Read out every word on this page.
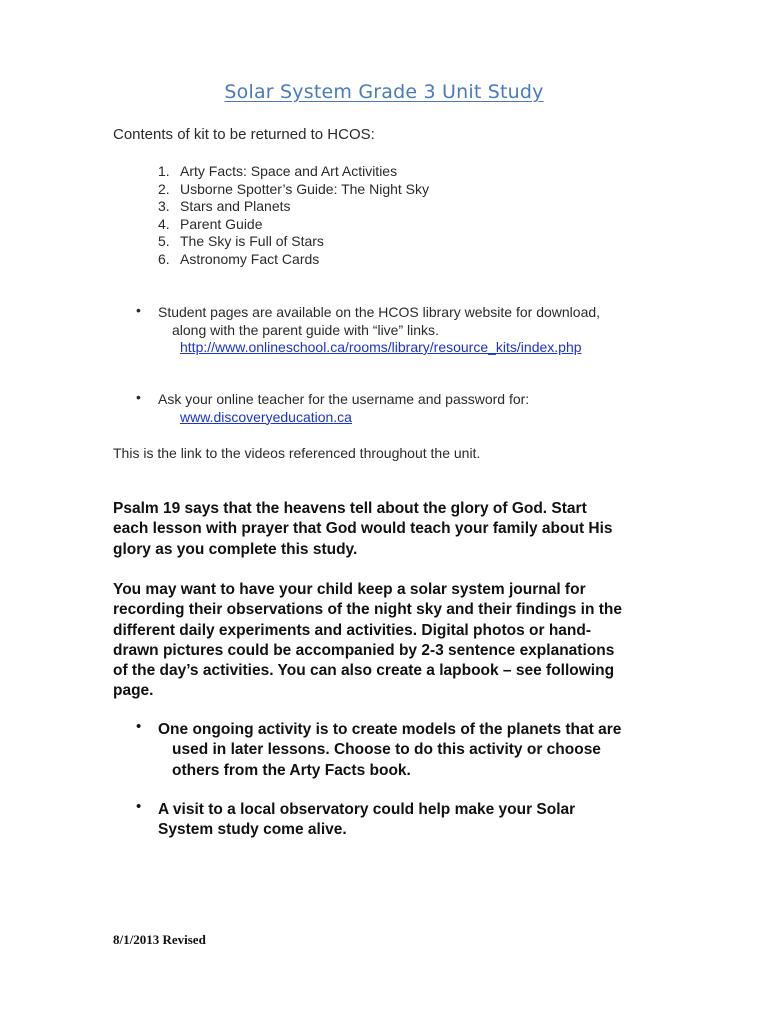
Solar System Grade 3 Unit Study
Contents of kit to be returned to HCOS:
1. Arty Facts: Space and Art Activities
2. Usborne Spotter’s Guide: The Night Sky
3. Stars and Planets
4. Parent Guide
5. The Sky is Full of Stars
6. Astronomy Fact Cards
• Student pages are available on the HCOS library website for download,
along with the parent guide with “live” links.
http://www.onlineschool.ca/rooms/library/resource_kits/index.php
• Ask your online teacher for the username and password for:
www.discoveryeducation.ca
This is the link to the videos referenced throughout the unit.
Psalm 19 says that the heavens tell about the glory of God. Start
each lesson with prayer that God would teach your family about His
glory as you complete this study.
You may want to have your child keep a solar system journal for
recording their observations of the night sky and their findings in the
different daily experiments and activities. Digital photos or hand-
drawn pictures could be accompanied by 2-3 sentence explanations
of the day’s activities. You can also create a lapbook – see following
page.
• One ongoing activity is to create models of the planets that are
used in later lessons. Choose to do this activity or choose
others from the Arty Facts book.
• A visit to a local observatory could help make your Solar
System study come alive.
8/1/2013 Revised
